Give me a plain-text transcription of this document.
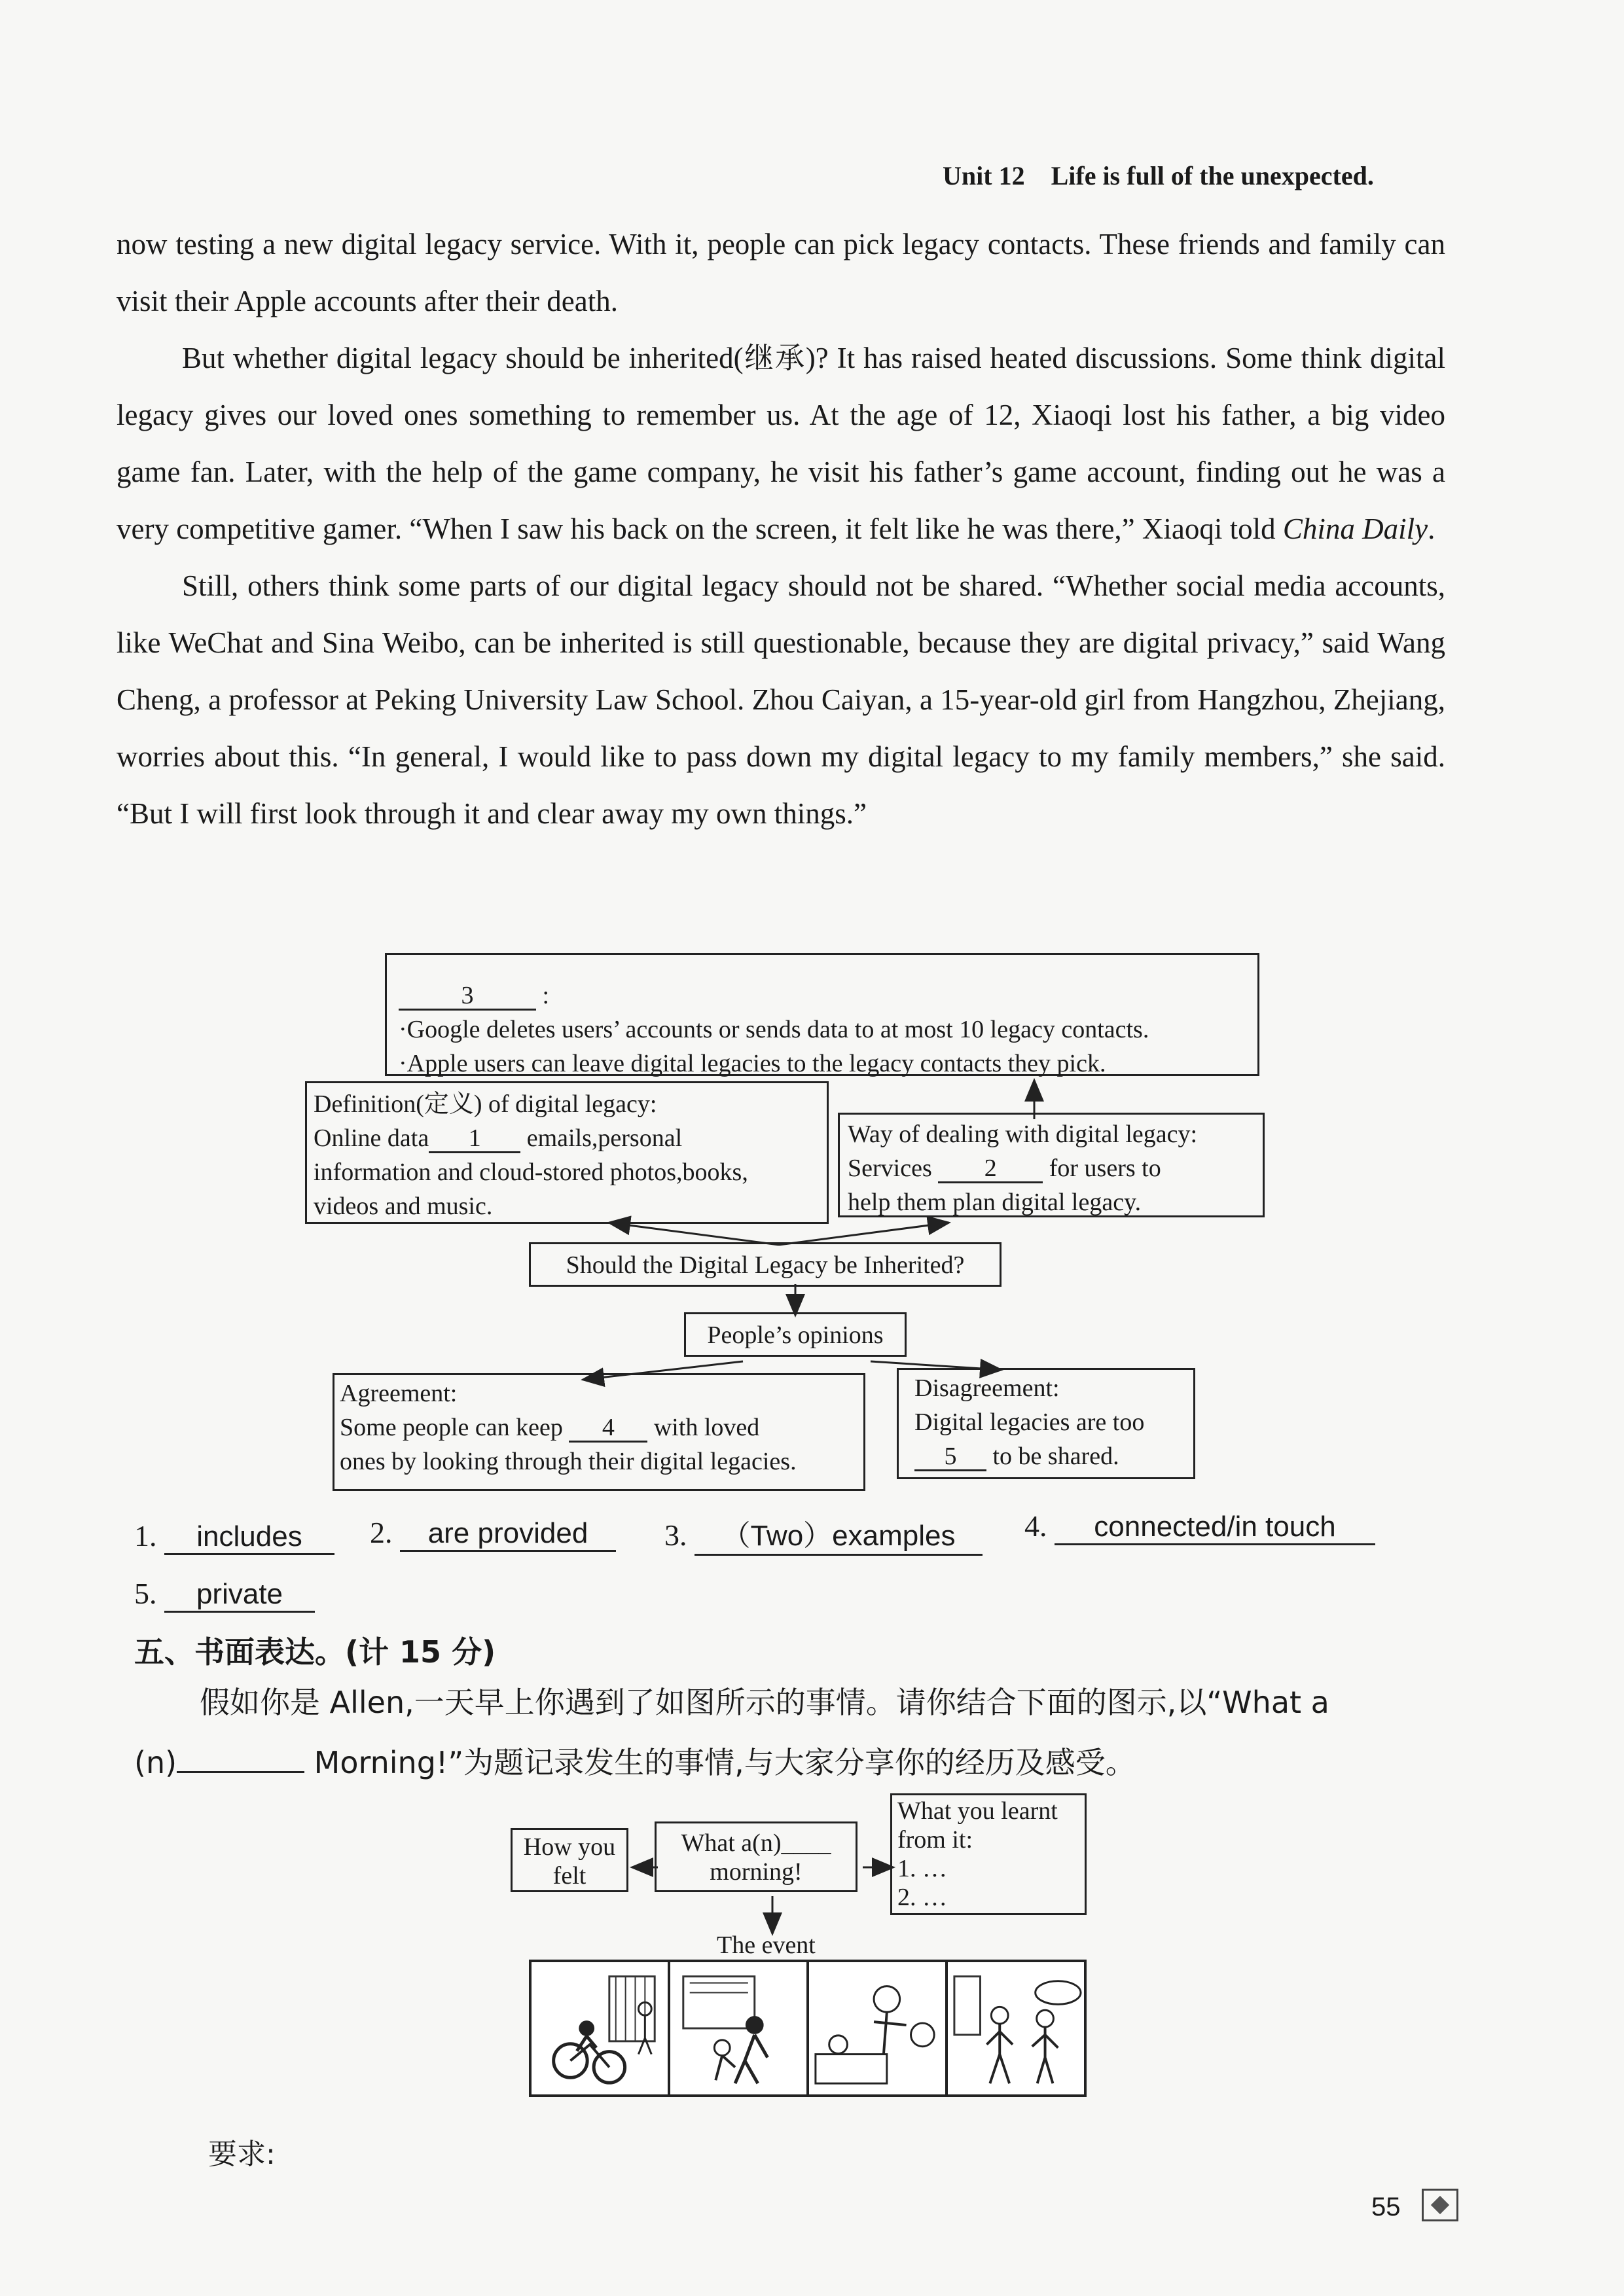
Unit 12 Life is full of the unexpected.

now testing a new digital legacy service. With it, people can pick legacy contacts. These friends and family can visit their Apple accounts after their death.

But whether digital legacy should be inherited(继承)? It has raised heated discussions. Some think digital legacy gives our loved ones something to remember us. At the age of 12, Xiaoqi lost his father, a big video game fan. Later, with the help of the game company, he visit his father’s game account, finding out he was a very competitive gamer. “When I saw his back on the screen, it felt like he was there,” Xiaoqi told China Daily.

Still, others think some parts of our digital legacy should not be shared. “Whether social media accounts, like WeChat and Sina Weibo, can be inherited is still questionable, because they are digital privacy,” said Wang Cheng, a professor at Peking University Law School. Zhou Caiyan, a 15-year-old girl from Hangzhou, Zhejiang, worries about this. “In general, I would like to pass down my digital legacy to my family members,” she said. “But I will first look through it and clear away my own things.”

3	:
·Google deletes users’ accounts or sends data to at most 10 legacy contacts.
·Apple users can leave digital legacies to the legacy contacts they pick.
Definition(定义) of digital legacy:
Online data 1 emails,personal
information and cloud-stored photos,books,
videos and music.
Way of dealing with digital legacy:
Services 2 for users to
help them plan digital legacy.
Should the Digital Legacy be Inherited?
People’s opinions
Agreement:
Some people can keep 4 with loved
ones by looking through their digital legacies.
Disagreement:
Digital legacies are too
5 to be shared.
1. includes	2. are provided	3. （Two）examples	4. connected/in touch
5. private
五、书面表达。(计 15 分)
假如你是 Allen,一天早上你遇到了如图所示的事情。请你结合下面的图示,以“What a
(n)	Morning!”为题记录发生的事情,与大家分享你的经历及感受。
How you
felt
What a(n)____
morning!
What you learnt
from it:
1. …
2. …
The event
要求:
55
